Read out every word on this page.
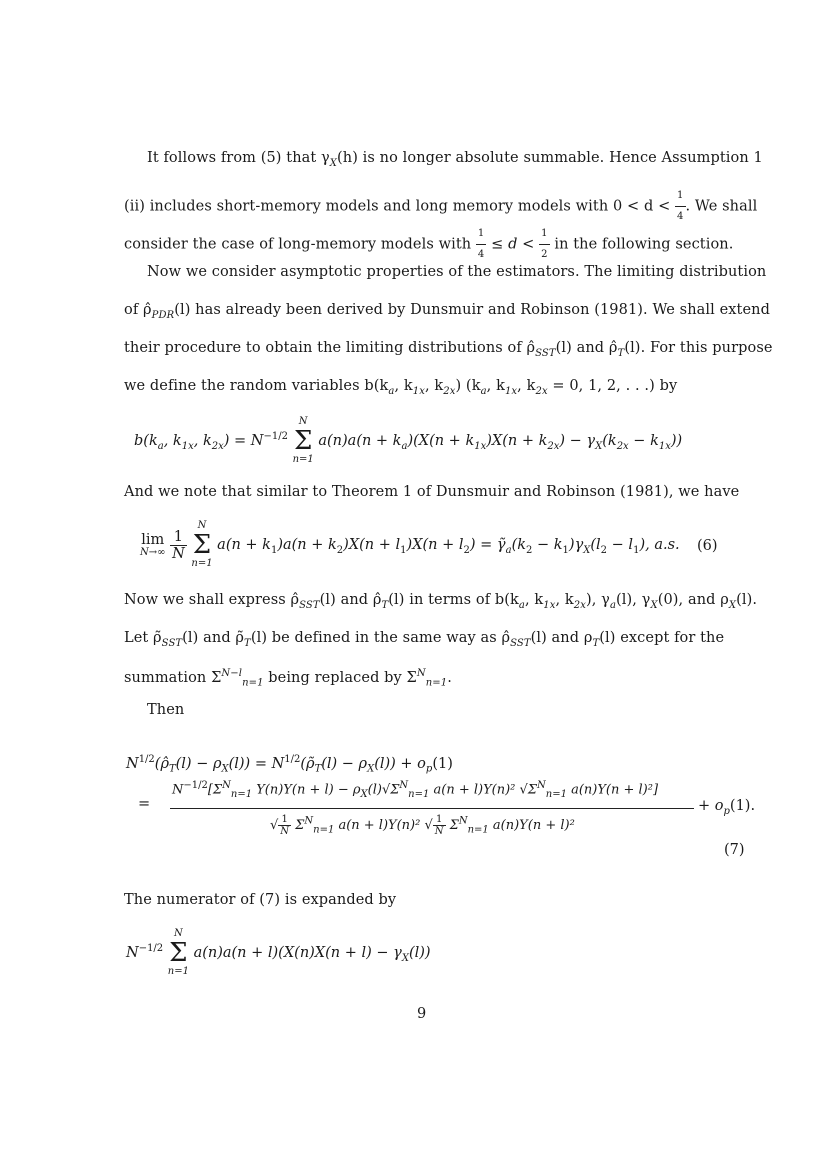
It follows from (5) that $\gamma_X(h)$ is no longer absolute summable. Hence Assumption 1
(ii) includes short-memory models and long memory models with $0 < d < \frac{1}{4}$ . We shall
consider the case of long-memory models with $\frac{1}{4} \le d < \frac{1}{2}$ in the following section.
Now we consider asymptotic properties of the estimators. The limiting distribution
of $\rhô_{PDR}(l)$ has already been derived by Dunsmuir and Robinson (1981). We shall extend
their procedure to obtain the limiting distributions of $\rhô_{SST}(l)$ and $\rhô_T(l)$. For this purpose
we define the random variables $b(k_a$, $k_{1x}$, $k_{2x}$) ($k_a$, $k_{1x}$, $k_{2x} = 0$, 1, 2, . . .) by
$b(k_a$, $k_{1x}$, $k_{2x}) = N^{-1/2}$
N
Σ
n=1
$a(n)a(n + k_a)(X(n + k_{1x})X(n + k_{2x}) - \gamma_X(k_{2x} - k_{1x}))$
And we note that similar to Theorem 1 of Dunsmuir and Robinson (1981), we have
lim
N→∞
$\frac{1}{N}$

N
Σ
n=1
$a(n + k_1)a(n + k_2)X(n + l_1)X(n + l_2)$ = $\gammã_a(k_2 - k_1)\gamma_X(l_2 - l_1)$, a.s. (6)
Now we shall express $\rhô_{SST}(l)$ and $\rhô_T(l)$ in terms of $b(k_a$, $k_{1x}$, $k_{2x}$), $\gamma_a(l)$, $\gamma_X(0)$, and $\rho_X(l)$.
Let $\rhõ_{SST}(l)$ and $\rhõ_T(l)$ be defined in the same way as $\rhô_{SST}(l)$ and $\rho_T(l)$ except for the
summation $\Sigma^{N-l}_{n=1}$ being replaced by $\Sigma^N_{n=1}$.
Then
$N^{1/2}(\rhô_T(l) - \rho_X(l))$ = $N^{1/2}(\rhõ_T(l) - \rho_X(l)) + o_p(1)$
=
$N^{-1/2}[\Sigma^N_{n=1}$ $Y(n)Y(n + l) - \rho_X(l)√\Sigma^N_{n=1}$ a(n + l)Y(n)² $√\Sigma^N_{n=1}$ a(n)Y(n + l)²]
√ $\frac{1}{N} \Sigma^N_{n=1}$ a(n + l)Y(n)² √ $\frac{1}{N} \Sigma^N_{n=1}$ a(n)Y(n + l)²
+ $o_p(1)$.
(7)
The numerator of (7) is expanded by
$N^{-1/2}$
N
Σ
n=1
$a(n)a(n + l)(X(n)X(n + l) - \gamma_X(l))$
9
